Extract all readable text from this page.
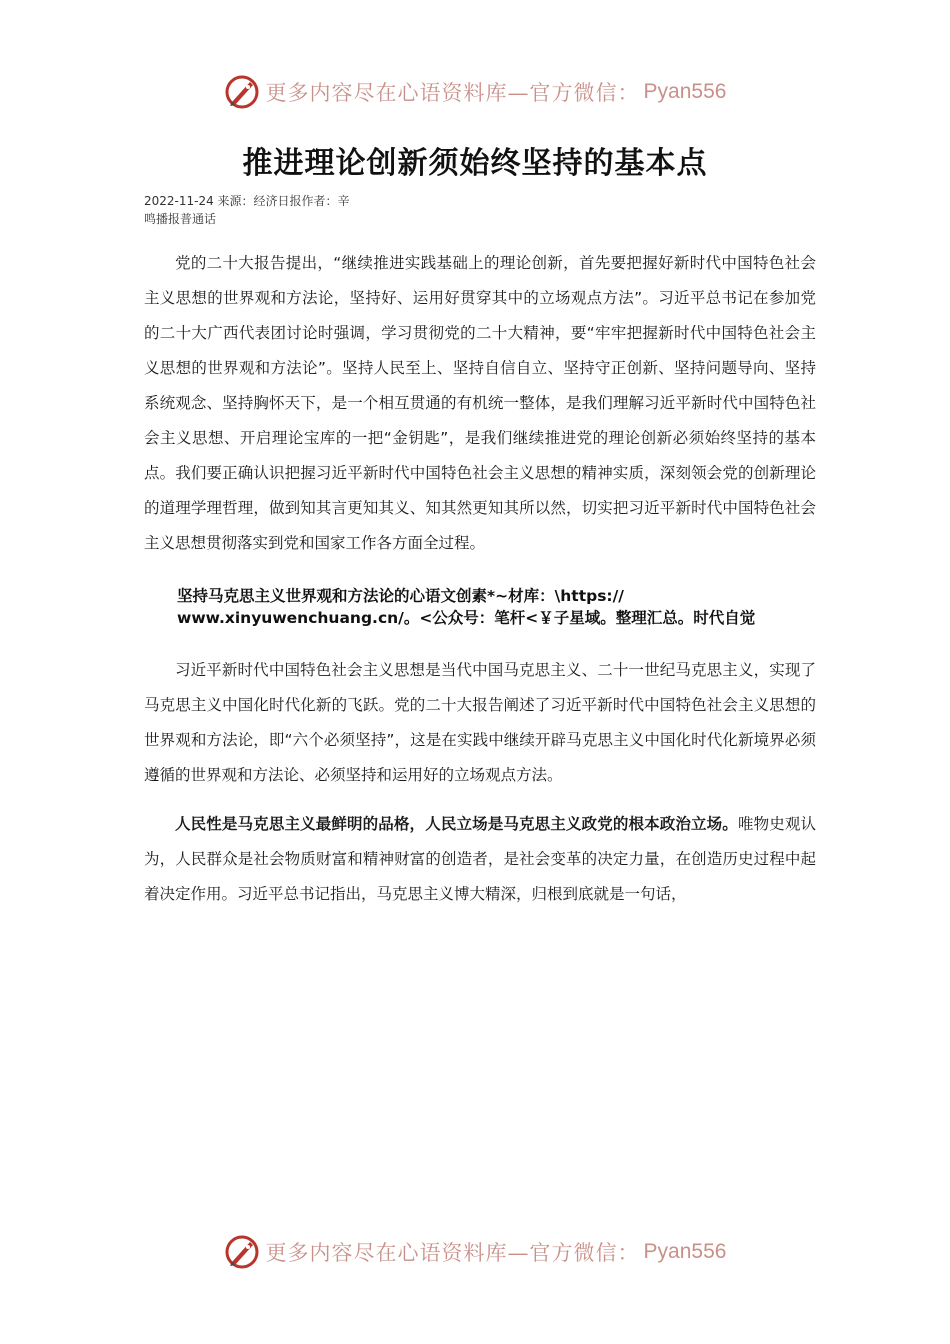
更多内容尽在心语资料库—官方微信： Pyan556
推进理论创新须始终坚持的基本点
2022-11-24 来源：经济日报作者：辛
鸣播报普通话

党的二十大报告提出，“继续推进实践基础上的理论创新，首先要把握好新时代中国特色社会主义思想的世界观和方法论，坚持好、运用好贯穿其中的立场观点方法”。习近平总书记在参加党的二十大广西代表团讨论时强调，学习贯彻党的二十大精神，要“牢牢把握新时代中国特色社会主义思想的世界观和方法论”。坚持人民至上、坚持自信自立、坚持守正创新、坚持问题导向、坚持系统观念、坚持胸怀天下，是一个相互贯通的有机统一整体，是我们理解习近平新时代中国特色社会主义思想、开启理论宝库的一把“金钥匙”，是我们继续推进党的理论创新必须始终坚持的基本点。我们要正确认识把握习近平新时代中国特色社会主义思想的精神实质，深刻领会党的创新理论的道理学理哲理，做到知其言更知其义、知其然更知其所以然，切实把习近平新时代中国特色社会主义思想贯彻落实到党和国家工作各方面全过程。

坚持马克思主义世界观和方法论的心语文创素*~材库：\https://
www.xinyuwenchuang.cn/。<公众号：笔杆<￥子星域。整理汇总。时代自觉

习近平新时代中国特色社会主义思想是当代中国马克思主义、二十一世纪马克思主义，实现了马克思主义中国化时代化新的飞跃。党的二十大报告阐述了习近平新时代中国特色社会主义思想的世界观和方法论，即“六个必须坚持”，这是在实践中继续开辟马克思主义中国化时代化新境界必须遵循的世界观和方法论、必须坚持和运用好的立场观点方法。

人民性是马克思主义最鲜明的品格，人民立场是马克思主义政党的根本政治立场。唯物史观认为，人民群众是社会物质财富和精神财富的创造者，是社会变革的决定力量，在创造历史过程中起着决定作用。习近平总书记指出，马克思主义博大精深，归根到底就是一句话，

更多内容尽在心语资料库—官方微信： Pyan556
